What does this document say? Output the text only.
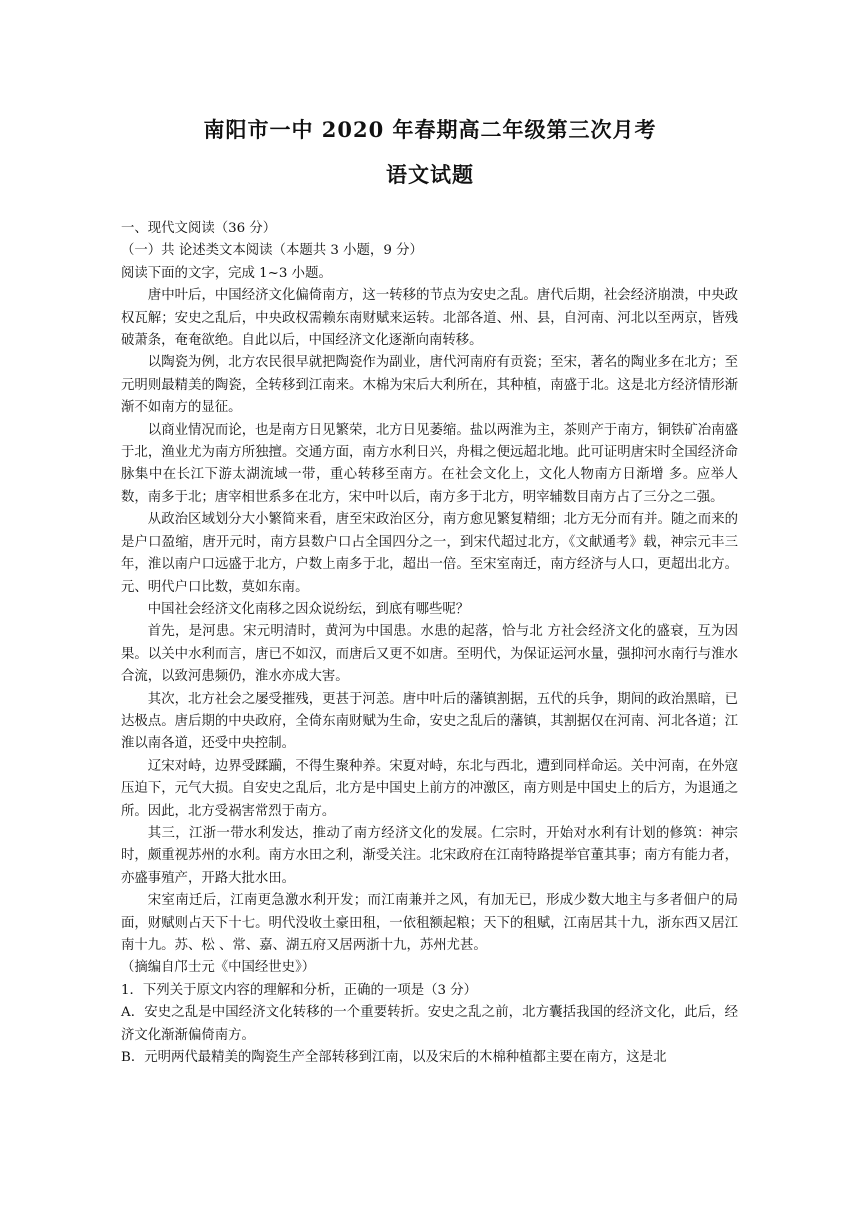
南阳市一中 2020 年春期高二年级第三次月考
语文试题

一、现代文阅读（36 分）

（一）共 论述类文本阅读（本题共 3 小题，9 分）

阅读下面的文字，完成 1~3 小题。

唐中叶后，中国经济文化偏倚南方，这一转移的节点为安史之乱。唐代后期，社会经济崩溃，中央政权瓦解；安史之乱后，中央政权需赖东南财赋来运转。北部各道、州、县，自河南、河北以至两京，皆残破萧条，奄奄欲绝。自此以后，中国经济文化逐渐向南转移。

以陶瓷为例，北方农民很早就把陶瓷作为副业，唐代河南府有贡瓷；至宋，著名的陶业多在北方；至元明则最精美的陶瓷，全转移到江南来。木棉为宋后大利所在，其种植，南盛于北。这是北方经济情形渐渐不如南方的显征。

以商业情况而论，也是南方日见繁荣，北方日见萎缩。盐以两淮为主，茶则产于南方，铜铁矿冶南盛于北，渔业尤为南方所独擅。交通方面，南方水利日兴，舟楫之便远超北地。此可证明唐宋时全国经济命脉集中在长江下游太湖流域一带，重心转移至南方。在社会文化上，文化人物南方日渐增 多。应举人数，南多于北；唐宰相世系多在北方，宋中叶以后，南方多于北方，明宰辅数目南方占了三分之二强。

从政治区域划分大小繁简来看，唐至宋政治区分，南方愈见繁复精细；北方无分而有并。随之而来的是户口盈缩，唐开元时，南方县数户口占全国四分之一，到宋代超过北方，《文献通考》载，神宗元丰三年，淮以南户口远盛于北方，户数上南多于北，超出一倍。至宋室南迁，南方经济与人口，更超出北方。元、明代户口比数，莫如东南。

中国社会经济文化南移之因众说纷纭，到底有哪些呢？

首先，是河患。宋元明清时，黄河为中国患。水患的起落，恰与北 方社会经济文化的盛衰，互为因果。以关中水利而言，唐已不如汉，而唐后又更不如唐。至明代，为保证运河水量，强抑河水南行与淮水合流，以致河患频仍，淮水亦成大害。

其次，北方社会之屡受摧残，更甚于河恙。唐中叶后的藩镇割据，五代的兵争，期间的政治黑暗，已达极点。唐后期的中央政府，全倚东南财赋为生命，安史之乱后的藩镇，其割据仅在河南、河北各道；江淮以南各道，还受中央控制。

辽宋对峙，边界受蹂躏，不得生聚种养。宋夏对峙，东北与西北，遭到同样命运。关中河南，在外寇压迫下，元气大损。自安史之乱后，北方是中国史上前方的冲激区，南方则是中国史上的后方，为退通之所。因此，北方受祸害常烈于南方。

其三，江浙一带水利发达，推动了南方经济文化的发展。仁宗时，开始对水利有计划的修筑：神宗时，颇重视苏州的水利。南方水田之利，渐受关注。北宋政府在江南特路提举官董其事；南方有能力者，亦盛事殖产，开路大批水田。

宋室南迁后，江南更急激水利开发；而江南兼并之风，有加无已，形成少数大地主与多者佃户的局面，财赋则占天下十七。明代没收土豪田租，一依租额起粮；天下的租赋，江南居其十九，浙东西又居江南十九。苏、松 、常、嘉、湖五府又居两浙十九，苏州尤甚。

（摘编自邝士元《中国经世史》）

1．下列关于原文内容的理解和分析，正确的一项是（3 分）

A．安史之乱是中国经济文化转移的一个重要转折。安史之乱之前，北方囊括我国的经济文化，此后，经济文化渐渐偏倚南方。

B．元明两代最精美的陶瓷生产全部转移到江南，以及宋后的木棉种植都主要在南方，这是北
